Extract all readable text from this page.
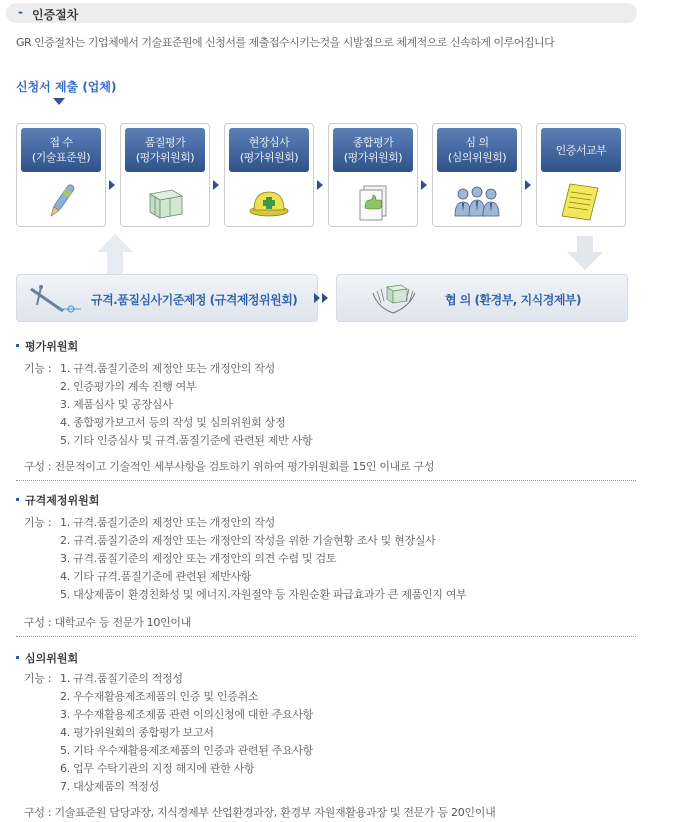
- 인증절차
GR 인증절차는 기업체에서 기술표준원에 신청서를 제출접수시키는것을 시발점으로 체계적으로 신속하게 이루어집니다
신청서 제출 (업체)
접 수
(기술표준원)
품질평가
(평가위원회)
현장심사
(평가위원회)
종합평가
(평가위원회)
심 의
(심의위원회)
인증서교부
규격.품질심사기준제정 (규격제정위원회)	협 의 (환경부, 지식경제부)
평가위원회
기능 : 1. 규격.품질기준의 제정안 또는 개정안의 작성
2. 인증평가의 계속 진행 여부
3. 제품심사 및 공장심사
4. 종합평가보고서 등의 작성 및 심의위원회 상정
5. 기타 인증심사 및 규격.품질기준에 관련된 제반 사항
구성 : 전문적이고 기술적인 세부사항을 검토하기 위하여 평가위원회를 15인 이내로 구성
규격제정위원회
기능 : 1. 규격.품질기준의 제정안 또는 개정안의 작성
2. 규격.품질기준의 제정안 또는 개정안의 작성을 위한 기술현황 조사 및 현장실사
3. 규격.품질기준의 제정안 또는 개정안의 의견 수렴 및 검토
4. 기타 규격.품질기준에 관련된 제반사항
5. 대상제품이 환경친화성 및 에너지.자원절약 등 자원순환 파급효과가 큰 제품인지 여부
구성 : 대학교수 등 전문가 10인이내
심의위원회
기능 : 1. 규격.품질기준의 적정성
2. 우수재활용제조제품의 인증 및 인증취소
3. 우수재활용제조제품 관련 이의신청에 대한 주요사항
4. 평가위원회의 종합평가 보고서
5. 기타 우수재활용제조제품의 인증과 관련된 주요사항
6. 업무 수탁기관의 지정 해지에 관한 사항
7. 대상제품의 적정성
구성 : 기술표준원 담당과장, 지식경제부 산업환경과장, 환경부 자원재활용과장 및 전문가 등 20인이내
